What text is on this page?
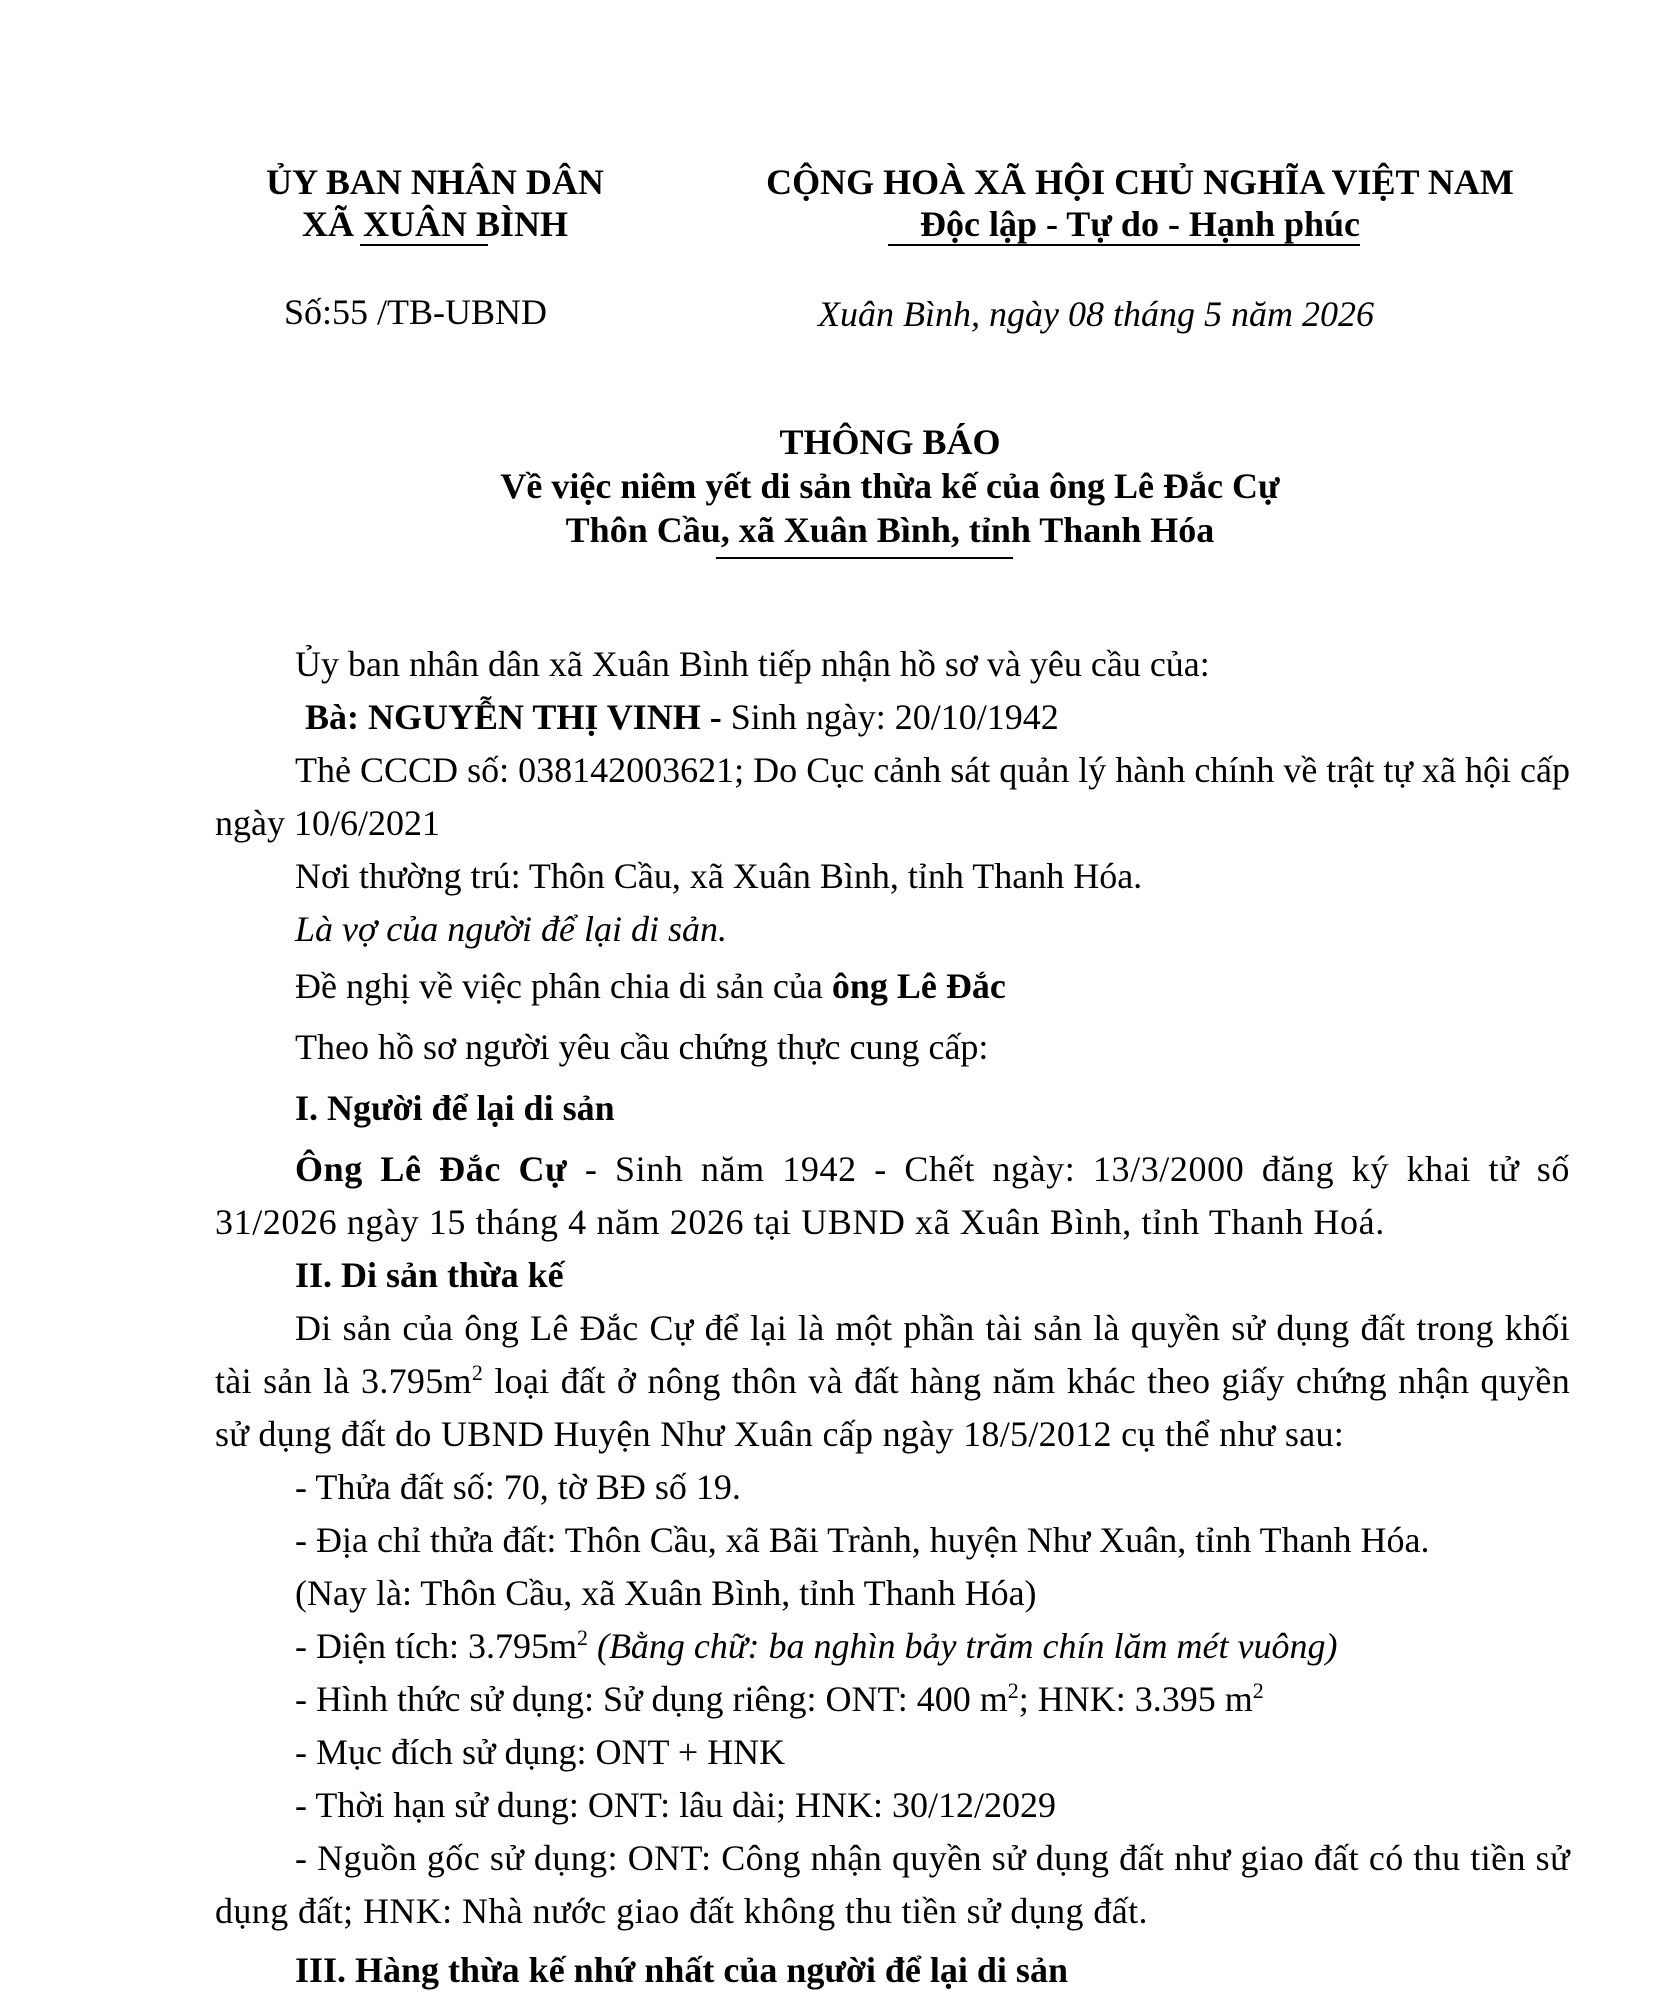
ỦY BAN NHÂN DÂN
XÃ XUÂN BÌNH
CỘNG HOÀ XÃ HỘI CHỦ NGHĨA VIỆT NAM
Độc lập - Tự do - Hạnh phúc
Số:55 /TB-UBND	Xuân Bình, ngày 08 tháng 5 năm 2026
THÔNG BÁO
Về việc niêm yết di sản thừa kế của ông Lê Đắc Cự
Thôn Cầu, xã Xuân Bình, tỉnh Thanh Hóa

Ủy ban nhân dân xã Xuân Bình tiếp nhận hồ sơ và yêu cầu của:

Bà: NGUYỄN THỊ VINH - Sinh ngày: 20/10/1942

Thẻ CCCD số: 038142003621; Do Cục cảnh sát quản lý hành chính về trật tự xã hội cấp ngày 10/6/2021

Nơi thường trú: Thôn Cầu, xã Xuân Bình, tỉnh Thanh Hóa.

Là vợ của người để lại di sản.

Đề nghị về việc phân chia di sản của ông Lê Đắc

Theo hồ sơ người yêu cầu chứng thực cung cấp:

I. Người để lại di sản

Ông Lê Đắc Cự - Sinh năm 1942 - Chết ngày: 13/3/2000 đăng ký khai tử số 31/2026 ngày 15 tháng 4 năm 2026 tại UBND xã Xuân Bình, tỉnh Thanh Hoá.

II. Di sản thừa kế

Di sản của ông Lê Đắc Cự để lại là một phần tài sản là quyền sử dụng đất trong khối tài sản là $3.795m^2$ loại đất ở nông thôn và đất hàng năm khác theo giấy chứng nhận quyền sử dụng đất do UBND Huyện Như Xuân cấp ngày 18/5/2012 cụ thể như sau:

- Thửa đất số: 70, tờ BĐ số 19.

- Địa chỉ thửa đất: Thôn Cầu, xã Bãi Trành, huyện Như Xuân, tỉnh Thanh Hóa.

(Nay là: Thôn Cầu, xã Xuân Bình, tỉnh Thanh Hóa)

- Diện tích: $3.795m^2$ (Bằng chữ: ba nghìn bảy trăm chín lăm mét vuông)

- Hình thức sử dụng: Sử dụng riêng: ONT: 400 $m^2$; HNK: 3.395 $m^2$

- Mục đích sử dụng: ONT + HNK

- Thời hạn sử dung: ONT: lâu dài; HNK: 30/12/2029

- Nguồn gốc sử dụng: ONT: Công nhận quyền sử dụng đất như giao đất có thu tiền sử dụng đất; HNK: Nhà nước giao đất không thu tiền sử dụng đất.

III. Hàng thừa kế nhứ nhất của người để lại di sản
